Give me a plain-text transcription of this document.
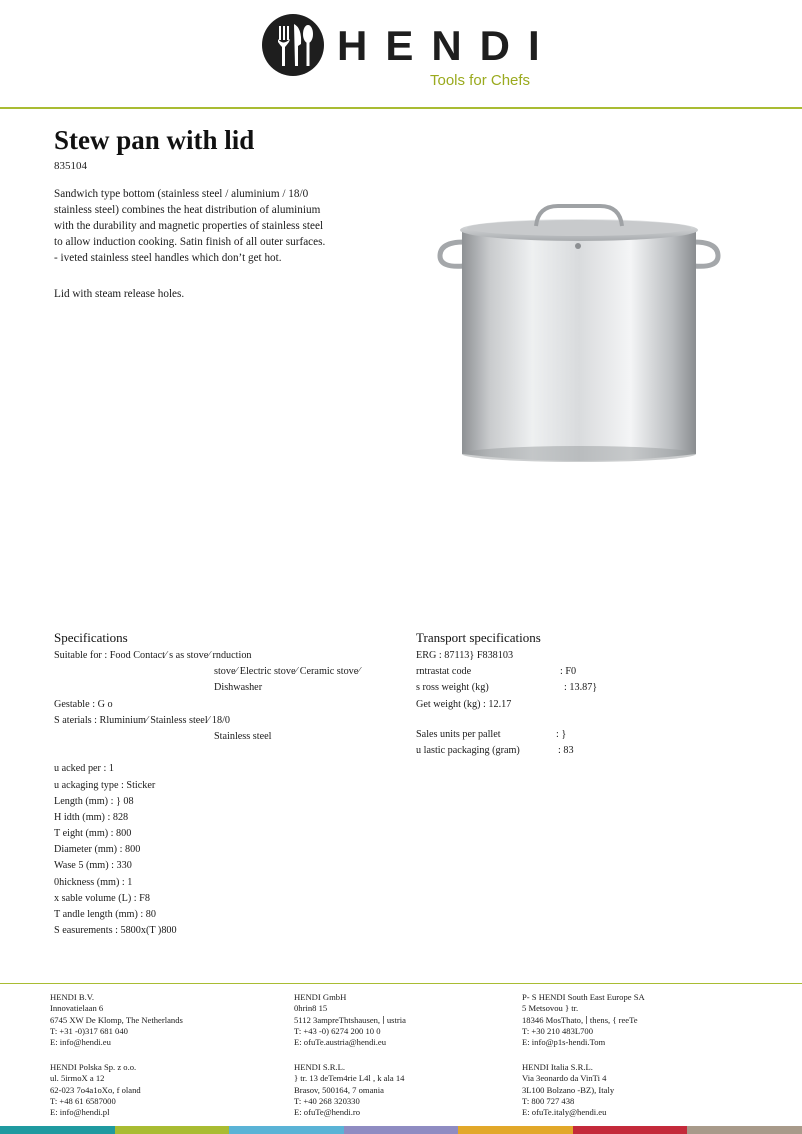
HENDI
Tools for Chefs
Stew pan with lid
835104

Sandwich type bottom (stainless steel / aluminium / 18/0

stainless steel) combines the heat distribution of aluminium

with the durability and magnetic properties of stainless steel

to allow induction cooking. Satin finish of all outer surfaces.

- iveted stainless steel handles which don’t get hot.

Lid with steam release holes.

Specifications
Suitable for : Food Contact⁄ s as stove⁄ rnduction
stove⁄ Electric stove⁄ Ceramic stove⁄
Dishwasher
Gestable : G o
S aterials : Rluminium⁄ Stainless steel⁄ 18/0
Stainless steel
u acked per : 1
u ackaging type : Sticker
Length (mm) : } 08
H idth (mm) : 828
T eight (mm) : 800
Diameter (mm) : 800
Wase 5 (mm) : 330
0hickness (mm) : 1
x sable volume (L) : F8
T andle length (mm) : 80
S easurements : 5800x(T )800
Transport specifications
ERG : 87113} F838103
rntrastat code	: F0
s ross weight (kg)	: 13.87}
Get weight (kg) : 12.17
Sales units per pallet	: }
u lastic packaging (gram)	: 83
HENDI B.V.
Innovatielaan 6
6745 XW De Klomp, The Netherlands
T: +31 -0)317 681 040
E: info@hendi.eu
HENDI GmbH
0hrin8 15
5112 3ampreThtshausen, ∣ ustria
T: +43 -0) 6274 200 10 0
E: ofuTe.austria@hendi.eu
P- S HENDI South East Europe SA
5 Metsovou } tr.
18346 MosThato, ∣ thens, { reeTe
T: +30 210 483L700
E: info@p1s-hendi.Tom
HENDI Polska Sp. z o.o.
ul. 5irmoX a 12
62-023 7o4a1oXo, f oland
T: +48 61 6587000
E: info@hendi.pl
HENDI S.R.L.
} tr. 13 deTem4rie L4l , k ala 14
Brasov, 500164, 7 omania
T: +40 268 320330
E: ofuTe@hendi.ro
HENDI Italia S.R.L.
Via 3eonardo da VinTi 4
3L100 Bolzano -BZ), Italy
T: 800 727 438
E: ofuTe.italy@hendi.eu
